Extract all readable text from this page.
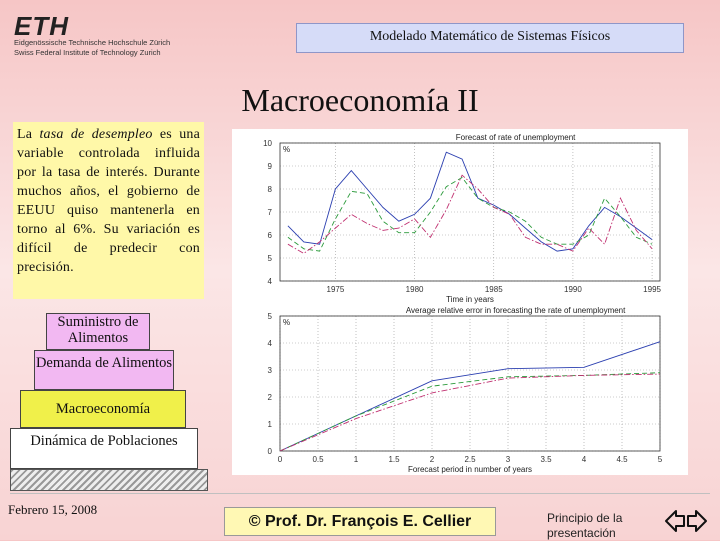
ETH
Eidgenössische Technische Hochschule Zürich
Swiss Federal Institute of Technology Zurich
Modelado Matemático de Sistemas Físicos
Macroeconomía II
La tasa de desempleo es una variable controlada influida por la tasa de interés. Durante muchos años, el gobierno de EEUU quiso mantenerla en torno al 6%. Su variación es difícil de predecir con precisión.
Suministro de Alimentos
Demanda de Alimentos
Macroeconomía
Dinámica de Poblaciones
4
5
6
7
8
9
10
1975	1980	1985	1990	1995
Forecast of rate of unemployment
%
Time in years
0
1
2
3
4
5
0	0.5	1	1.5	2	2.5	3	3.5	4	4.5	5
Average relative error in forecasting the rate of unemployment
%
Forecast period in number of years
Febrero 15, 2008
© Prof. Dr. François E. Cellier	Principio de la presentación
